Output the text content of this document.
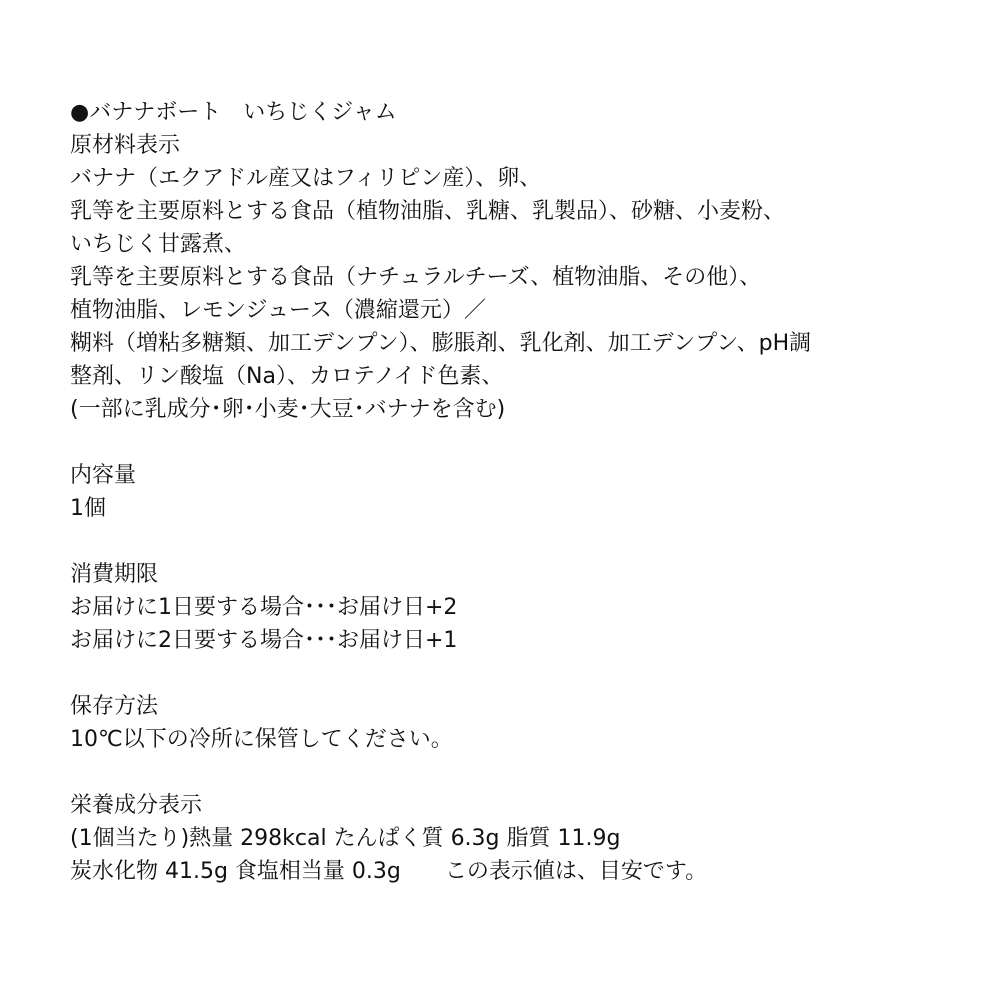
●バナナボート　いちじくジャム
原材料表示
バナナ（エクアドル産又はフィリピン産）、卵、
乳等を主要原料とする食品（植物油脂、乳糖、乳製品）、砂糖、小麦粉、
いちじく甘露煮、
乳等を主要原料とする食品（ナチュラルチーズ、植物油脂、その他）、
植物油脂、レモンジュース（濃縮還元）／
糊料（増粘多糖類、加工デンプン）、膨脹剤、乳化剤、加工デンプン、pH調
整剤、リン酸塩（Na）、カロテノイド色素、
(一部に乳成分･卵･小麦･大豆･バナナを含む)
内容量
1個
消費期限
お届けに1日要する場合･･･お届け日+2
お届けに2日要する場合･･･お届け日+1
保存方法
10℃以下の冷所に保管してください。
栄養成分表示
(1個当たり)熱量 298kcal たんぱく質 6.3g 脂質 11.9g
炭水化物 41.5g 食塩相当量 0.3g　　この表示値は、目安です。
